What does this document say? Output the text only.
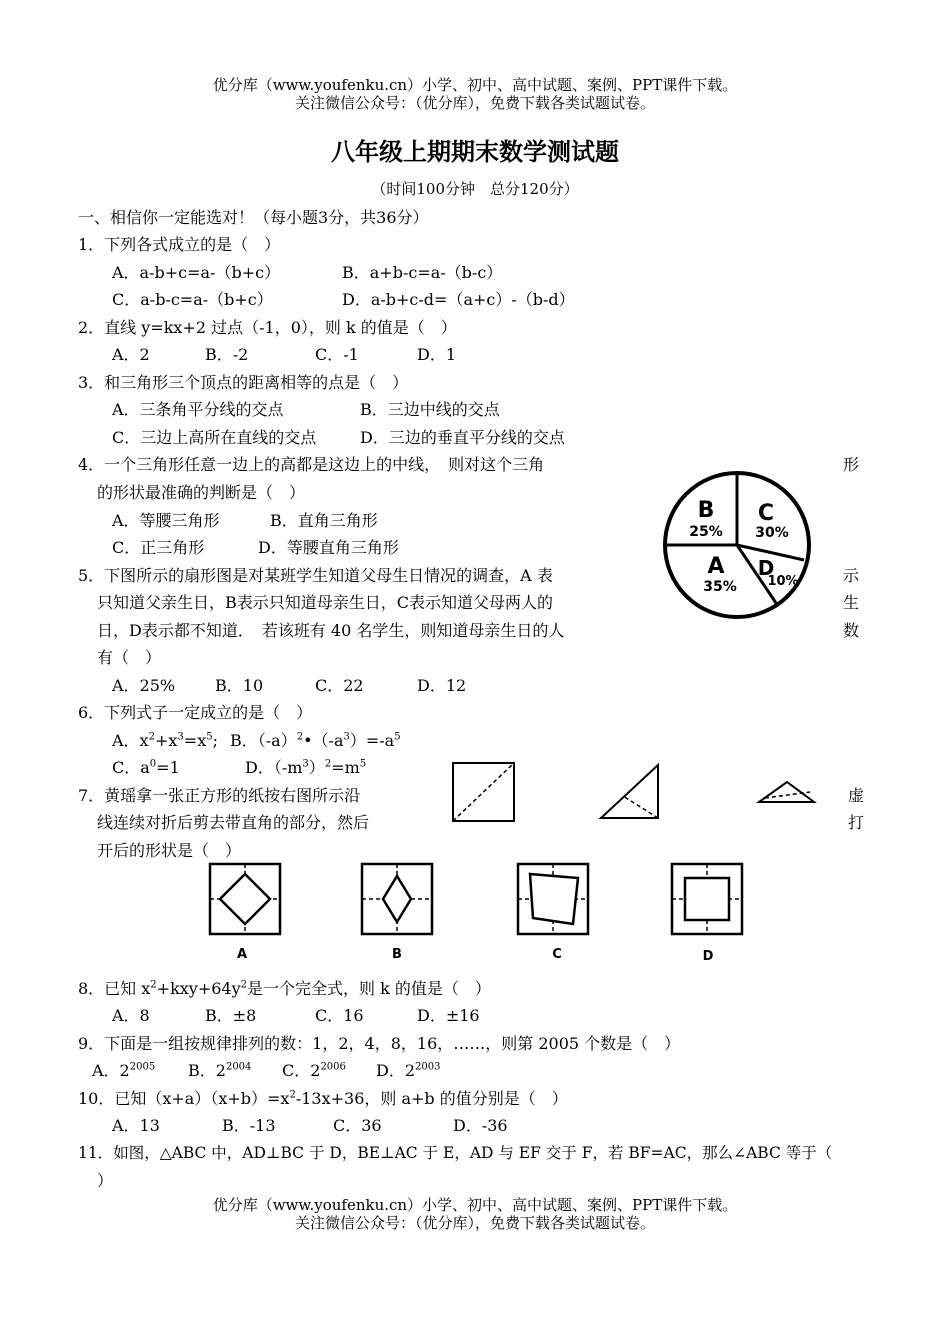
优分库（www.youfenku.cn）小学、初中、高中试题、案例、PPT课件下载。
关注微信公众号：（优分库），免费下载各类试题试卷。
八年级上期期末数学测试题
（时间100分钟　总分120分）
一、相信你一定能选对！（每小题3分，共36分）
1．下列各式成立的是（　）
A．a-b+c=a-（b+c）	B．a+b-c=a-（b-c）
C．a-b-c=a-（b+c）	D．a-b+c-d=（a+c）-（b-d）
2．直线 y=kx+2 过点（-1，0），则 k 的值是（　）
A．2	B．-2	C．-1	D．1
3．和三角形三个顶点的距离相等的点是（　）
A．三条角平分线的交点	B．三边中线的交点
C．三边上高所在直线的交点	D．三边的垂直平分线的交点
4．一个三角形任意一边上的高都是这边上的中线，　则对这个三角	形
的形状最准确的判断是（　）
A．等腰三角形	B．直角三角形
C．正三角形	D．等腰直角三角形
B
25%
C
30%
A
35%
D
10%
5．下图所示的扇形图是对某班学生知道父母生日情况的调查，A 表	示
只知道父亲生日，B表示只知道母亲生日，C表示知道父母两人的	生
日，D表示都不知道．　若该班有 40 名学生，则知道母亲生日的人	数
有（　）
A．25% B．10	C．22	D．12
6．下列式子一定成立的是（　）
A．$x^2+x^3=x^5$; B．$(-a)^2•(-a^3)=-a^5$
C．$a^0=1$	D．$(-m^3)^2=m^5$
7．黄瑶拿一张正方形的纸按右图所示沿	虚
线连续对折后剪去带直角的部分，然后	打
开后的形状是（　）
A	B	C	D
8．已知 $x^2+kxy+64y^2$是一个完全式，则 k 的值是（　）
A．8	B．±8	C．16	D．±16
9．下面是一组按规律排列的数：1，2，4，8，16，……，则第 2005 个数是（　）
A．$2^{2005}$ B．$2^{2004}$ C．$2^{2006}$ D．$2^{2003}$
10．已知$(x+a)(x+b)=x^2-13x+36$，则 a+b 的值分别是（　）
A．13	B．-13	C．36	D．-36
11．如图，△ABC 中，AD⊥BC 于 D，BE⊥AC 于 E，AD 与 EF 交于 F，若 BF=AC，那么∠ABC 等于（
）
优分库（www.youfenku.cn）小学、初中、高中试题、案例、PPT课件下载。
关注微信公众号：（优分库），免费下载各类试题试卷。
